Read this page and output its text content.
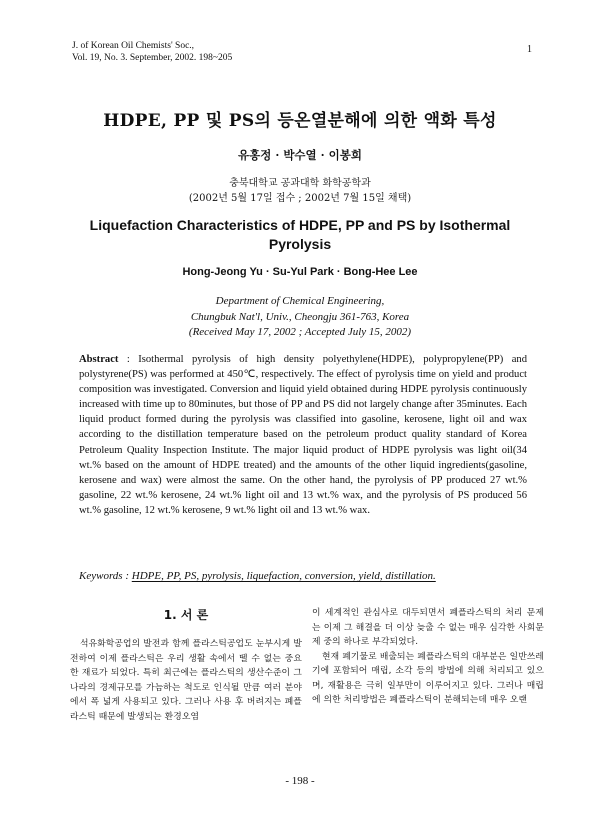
J. of Korean Oil Chemists' Soc.,
Vol. 19, No. 3. September, 2002. 198~205
1
HDPE, PP 및 PS의 등온열분해에 의한 액화 특성
유홍정 · 박수열 · 이봉희
충북대학교 공과대학 화학공학과
(2002년 5월 17일 접수 ; 2002년 7월 15일 채택)
Liquefaction Characteristics of HDPE, PP and PS by Isothermal
Pyrolysis
Hong-Jeong Yu · Su-Yul Park · Bong-Hee Lee
Department of Chemical Engineering,
Chungbuk Nat'l, Univ., Cheongju 361-763, Korea
(Received May 17, 2002 ; Accepted July 15, 2002)
Abstract : Isothermal pyrolysis of high density polyethylene(HDPE), polypropylene(PP) and polystyrene(PS) was performed at 450℃, respectively. The effect of pyrolysis time on yield and product composition was investigated. Conversion and liquid yield obtained during HDPE pyrolysis continuously increased with time up to 80minutes, but those of PP and PS did not largely change after 35minutes. Each liquid product formed during the pyrolysis was classified into gasoline, kerosene, light oil and wax according to the distillation temperature based on the petroleum product quality standard of Korea Petroleum Quality Inspection Institute. The major liquid product of HDPE pyrolysis was light oil(34 wt.% based on the amount of HDPE treated) and the amounts of the other liquid ingredients(gasoline, kerosene and wax) were almost the same. On the other hand, the pyrolysis of PP produced 27 wt.% gasoline, 22 wt.% kerosene, 24 wt.% light oil and 13 wt.% wax, and the pyrolysis of PS produced 56 wt.% gasoline, 12 wt.% kerosene, 9 wt.% light oil and 13 wt.% wax.
Keywords : HDPE, PP, PS, pyrolysis, liquefaction, conversion, yield, distillation.
1. 서 론

석유화학공업의 발전과 함께 플라스틱공업도 눈부시게 발전하여 이제 플라스틱은 우리 생활 속에서 뗄 수 없는 중요한 재료가 되었다. 특히 최근에는 플라스틱의 생산수준이 그 나라의 경제규모를 가늠하는 척도로 인식될 만큼 여러 분야에서 폭 넓게 사용되고 있다. 그러나 사용 후 버려지는 폐플라스틱 때문에 발생되는 환경오염

이 세계적인 관심사로 대두되면서 폐플라스틱의 처리 문제는 이제 그 해결을 더 이상 늦출 수 없는 매우 심각한 사회문제 중의 하나로 부각되었다.

현재 폐기물로 배출되는 폐플라스틱의 대부분은 일반쓰레기에 포함되어 매립, 소각 등의 방법에 의해 처리되고 있으며, 재활용은 극히 일부만이 이루어지고 있다. 그러나 매립에 의한 처리방법은 폐플라스틱이 분해되는데 매우 오랜

- 198 -
